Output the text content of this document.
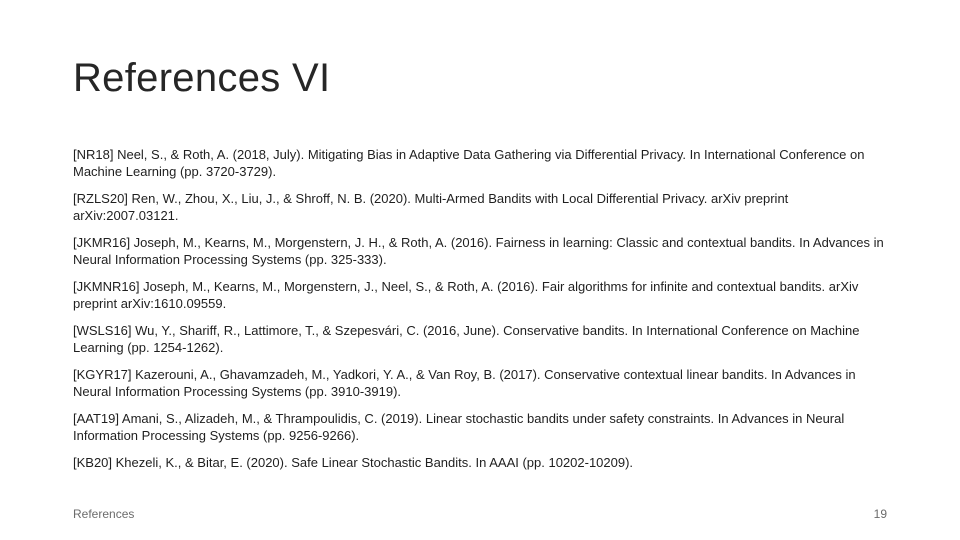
References VI
[NR18] Neel, S., & Roth, A. (2018, July). Mitigating Bias in Adaptive Data Gathering via Differential Privacy. In International Conference on Machine Learning (pp. 3720-3729).
[RZLS20] Ren, W., Zhou, X., Liu, J., & Shroff, N. B. (2020). Multi-Armed Bandits with Local Differential Privacy. arXiv preprint arXiv:2007.03121.
[JKMR16] Joseph, M., Kearns, M., Morgenstern, J. H., & Roth, A. (2016). Fairness in learning: Classic and contextual bandits. In Advances in Neural Information Processing Systems (pp. 325-333).
[JKMNR16] Joseph, M., Kearns, M., Morgenstern, J., Neel, S., & Roth, A. (2016). Fair algorithms for infinite and contextual bandits. arXiv preprint arXiv:1610.09559.
[WSLS16] Wu, Y., Shariff, R., Lattimore, T., & Szepesvári, C. (2016, June). Conservative bandits. In International Conference on Machine Learning (pp. 1254-1262).
[KGYR17] Kazerouni, A., Ghavamzadeh, M., Yadkori, Y. A., & Van Roy, B. (2017). Conservative contextual linear bandits. In Advances in Neural Information Processing Systems (pp. 3910-3919).
[AAT19] Amani, S., Alizadeh, M., & Thrampoulidis, C. (2019). Linear stochastic bandits under safety constraints. In Advances in Neural Information Processing Systems (pp. 9256-9266).
[KB20] Khezeli, K., & Bitar, E. (2020). Safe Linear Stochastic Bandits. In AAAI (pp. 10202-10209).
References	19
